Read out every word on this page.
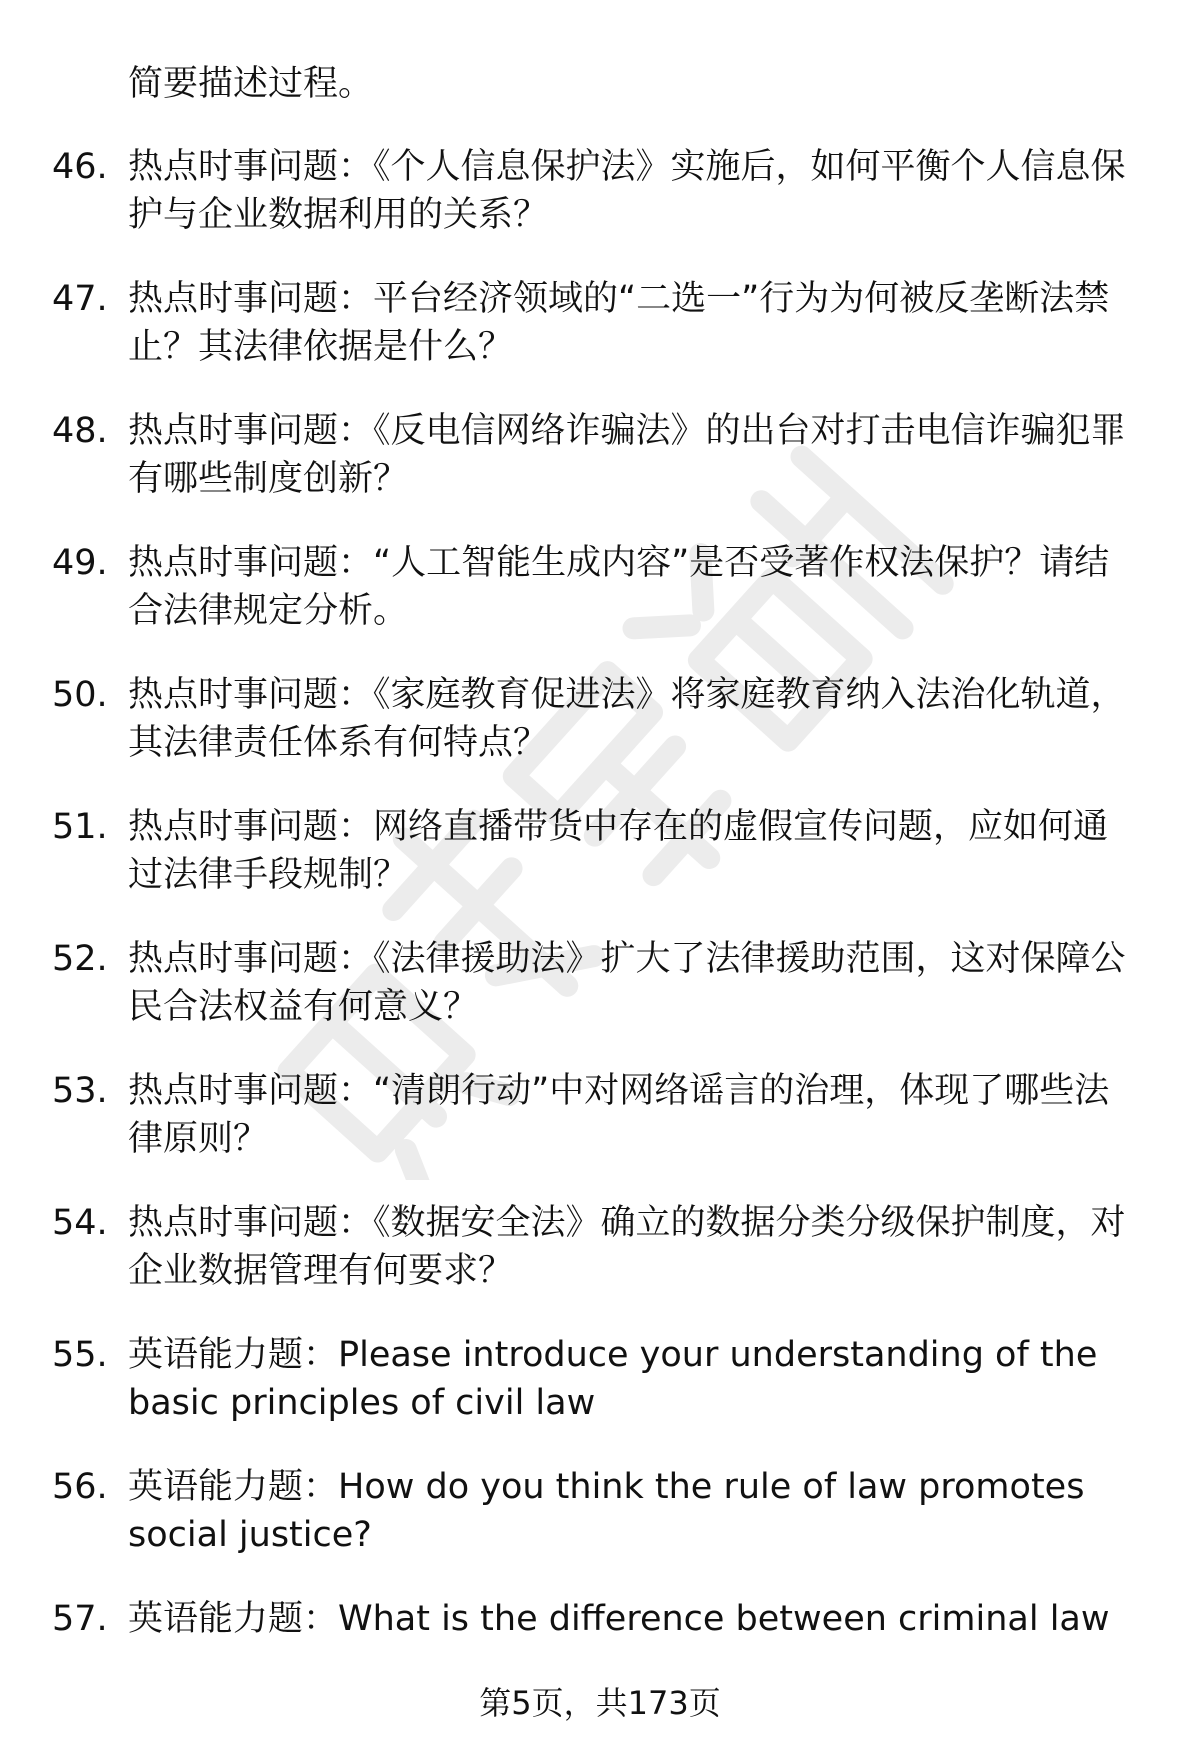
简要描述过程。

46. 热点时事问题：《个人信息保护法》实施后，如何平衡个人信息保护与企业数据利用的关系？

47. 热点时事问题：平台经济领域的“二选一”行为为何被反垄断法禁止？其法律依据是什么？

48. 热点时事问题：《反电信网络诈骗法》的出台对打击电信诈骗犯罪有哪些制度创新？

49. 热点时事问题：“人工智能生成内容”是否受著作权法保护？请结合法律规定分析。

50. 热点时事问题：《家庭教育促进法》将家庭教育纳入法治化轨道，其法律责任体系有何特点？

51. 热点时事问题：网络直播带货中存在的虚假宣传问题，应如何通过法律手段规制？

52. 热点时事问题：《法律援助法》扩大了法律援助范围，这对保障公民合法权益有何意义？

53. 热点时事问题：“清朗行动”中对网络谣言的治理，体现了哪些法律原则？

54. 热点时事问题：《数据安全法》确立的数据分类分级保护制度，对企业数据管理有何要求？

55. 英语能力题：Please introduce your understanding of the basic principles of civil law

56. 英语能力题：How do you think the rule of law promotes social justice?

57. 英语能力题：What is the difference between criminal law

第5页，共173页
